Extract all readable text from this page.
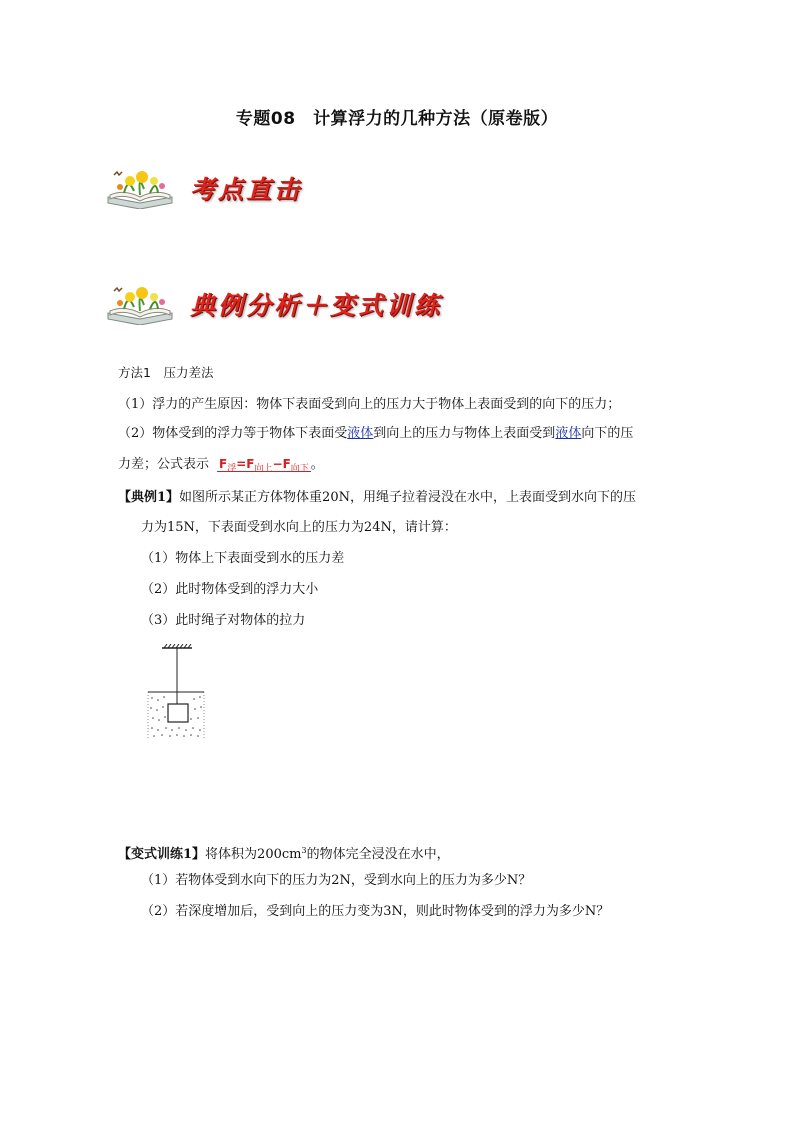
专题08　计算浮力的几种方法（原卷版）
考点直击
典例分析＋变式训练
方法1　压力差法
（1）浮力的产生原因：物体下表面受到向上的压力大于物体上表面受到的向下的压力；
（2）物体受到的浮力等于物体下表面受液体到向上的压力与物体上表面受到液体向下的压
力差；公式表示 $F_浮=F_{向上}-F_{向下}$ 。
【典例1】如图所示某正方体物体重20N，用绳子拉着浸没在水中，上表面受到水向下的压
力为15N，下表面受到水向上的压力为24N，请计算：
（1）物体上下表面受到水的压力差
（2）此时物体受到的浮力大小
（3）此时绳子对物体的拉力
【变式训练1】将体积为$200cm^3$的物体完全浸没在水中，
（1）若物体受到水向下的压力为2N，受到水向上的压力为多少N？
（2）若深度增加后，受到向上的压力变为3N，则此时物体受到的浮力为多少N？
